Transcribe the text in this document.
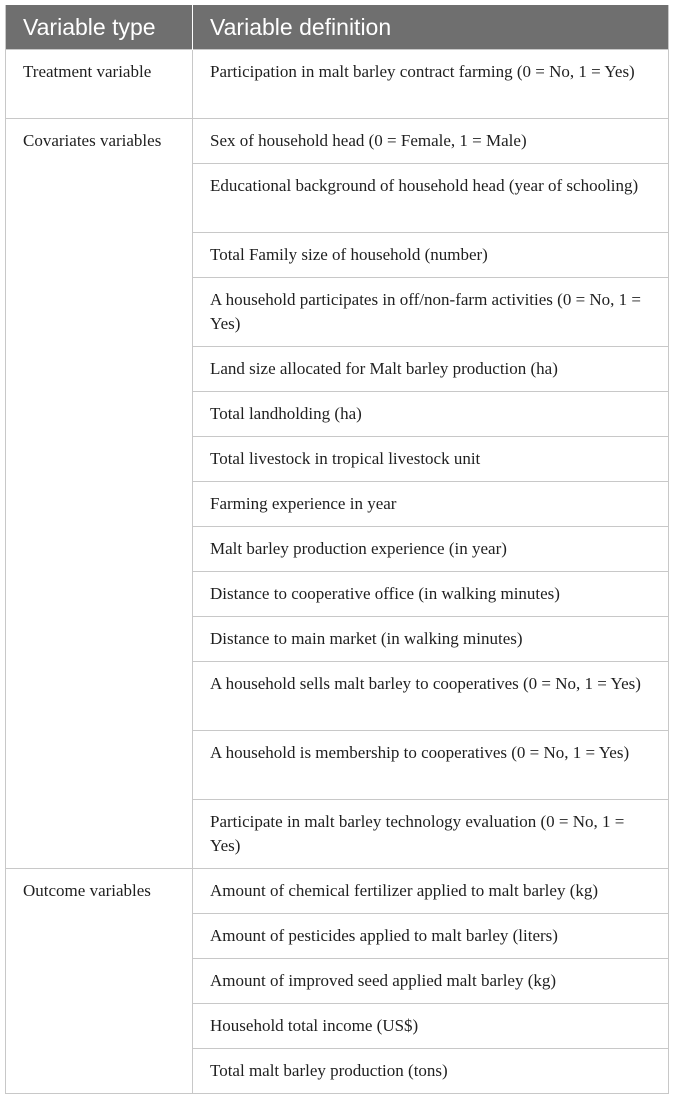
Variable type	Variable definition
Treatment variable	Participation in malt barley contract farming (0 = No, 1 = Yes)
Covariates variables	Sex of household head (0 = Female, 1 = Male)
	Educational background of household head (year of schooling)
	Total Family size of household (number)
	A household participates in off/non-farm activities (0 = No, 1 = Yes)
	Land size allocated for Malt barley production (ha)
	Total landholding (ha)
	Total livestock in tropical livestock unit
	Farming experience in year
	Malt barley production experience (in year)
	Distance to cooperative office (in walking minutes)
	Distance to main market (in walking minutes)
	A household sells malt barley to cooperatives (0 = No, 1 = Yes)
	A household is membership to cooperatives (0 = No, 1 = Yes)
	Participate in malt barley technology evaluation (0 = No, 1 = Yes)
Outcome variables	Amount of chemical fertilizer applied to malt barley (kg)
	Amount of pesticides applied to malt barley (liters)
	Amount of improved seed applied malt barley (kg)
	Household total income (US$)
	Total malt barley production (tons)
